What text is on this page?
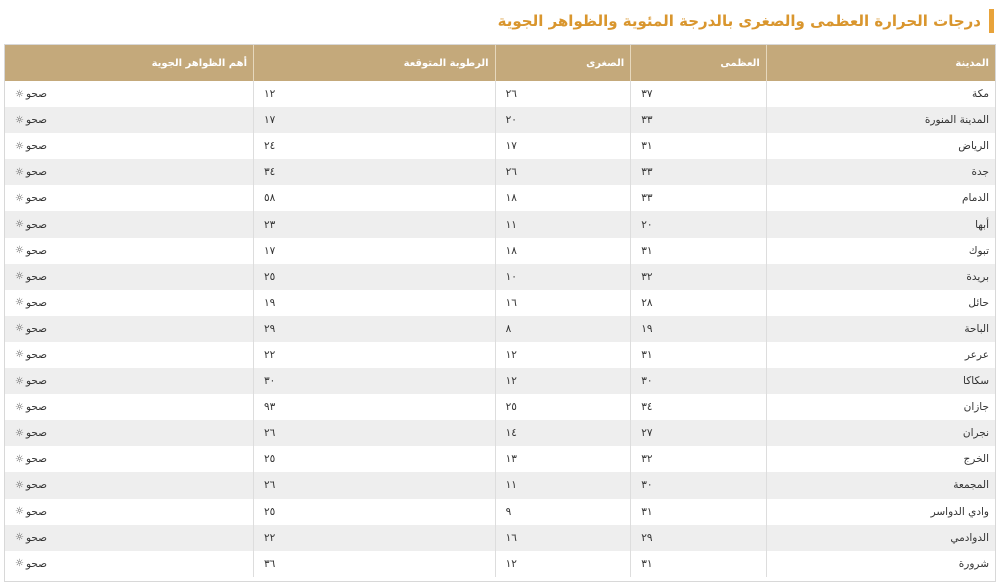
درجات الحرارة العظمى والصغرى بالدرجة المئوية والظواهر الجوية
المدينة	العظمى	الصغرى	الرطوبة المتوقعة	أهم الظواهر الجوية
مكة	٣٧	٢٦	١٢	صحو
☼

المدينة المنورة	٣٣	٢٠	١٧	صحو
☼

الرياض	٣١	١٧	٢٤	صحو
☼

جدة	٣٣	٢٦	٣٤	صحو
☼

الدمام	٣٣	١٨	٥٨	صحو
☼

أبها	٢٠	١١	٢٣	صحو
☼

تبوك	٣١	١٨	١٧	صحو
☼

بريدة	٣٢	١٠	٢٥	صحو
☼

حائل	٢٨	١٦	١٩	صحو
☼

الباحة	١٩	٨	٢٩	صحو
☼

عرعر	٣١	١٢	٢٢	صحو
☼

سكاكا	٣٠	١٢	٣٠	صحو
☼

جازان	٣٤	٢٥	٩٣	صحو
☼

نجران	٢٧	١٤	٢٦	صحو
☼

الخرج	٣٢	١٣	٢٥	صحو
☼

المجمعة	٣٠	١١	٢٦	صحو
☼

وادي الدواسر	٣١	٩	٢٥	صحو
☼

الدوادمي	٢٩	١٦	٢٢	صحو
☼

شرورة	٣١	١٢	٣٦	صحو
☼
